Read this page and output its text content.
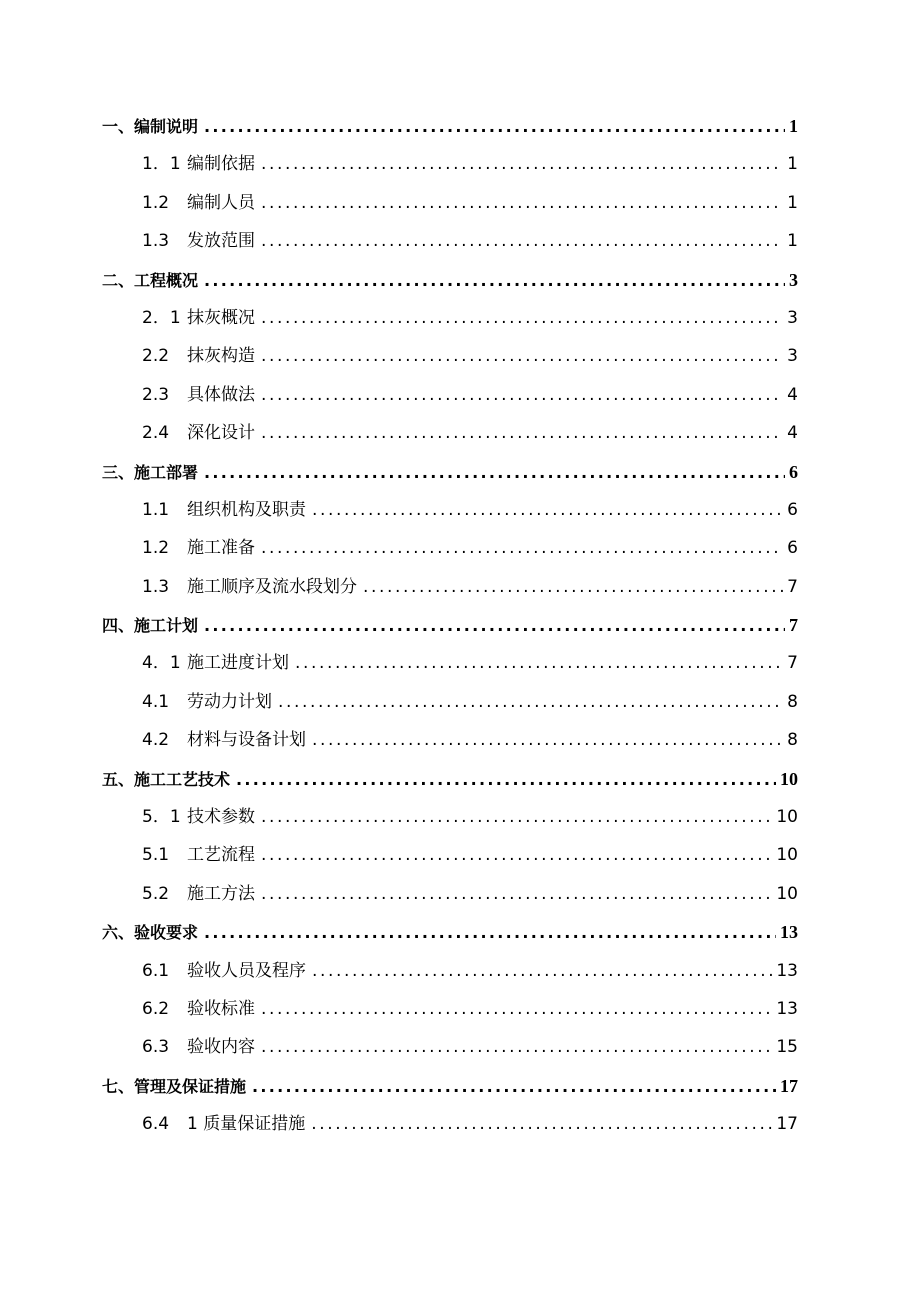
一、编制说明 .....	1
1．1 编制依据 .....	1
1.2	编制人员 .....	1
1.3	发放范围 .....	1
二、工程概况 .....	3
2．1 抹灰概况 .....	3
2.2	抹灰构造 .....	3
2.3	具体做法 .....	4
2.4	深化设计 .....	4
三、施工部署 .....	6
1.1	组织机构及职责 .....	6
1.2	施工准备 .....	6
1.3	施工顺序及流水段划分 .....	7
四、施工计划 .....	7
4．1 施工进度计划 .....	7
4.1	劳动力计划 .....	8
4.2	材料与设备计划 .....	8
五、施工工艺技术 .....	10
5．1 技术参数 .....	10
5.1	工艺流程 .....	10
5.2	施工方法 .....	10
六、验收要求 .....	13
6.1	验收人员及程序 .....	13
6.2	验收标准 .....	13
6.3	验收内容 .....	15
七、管理及保证措施 .....	17
6.4	1 质量保证措施 .....	17
